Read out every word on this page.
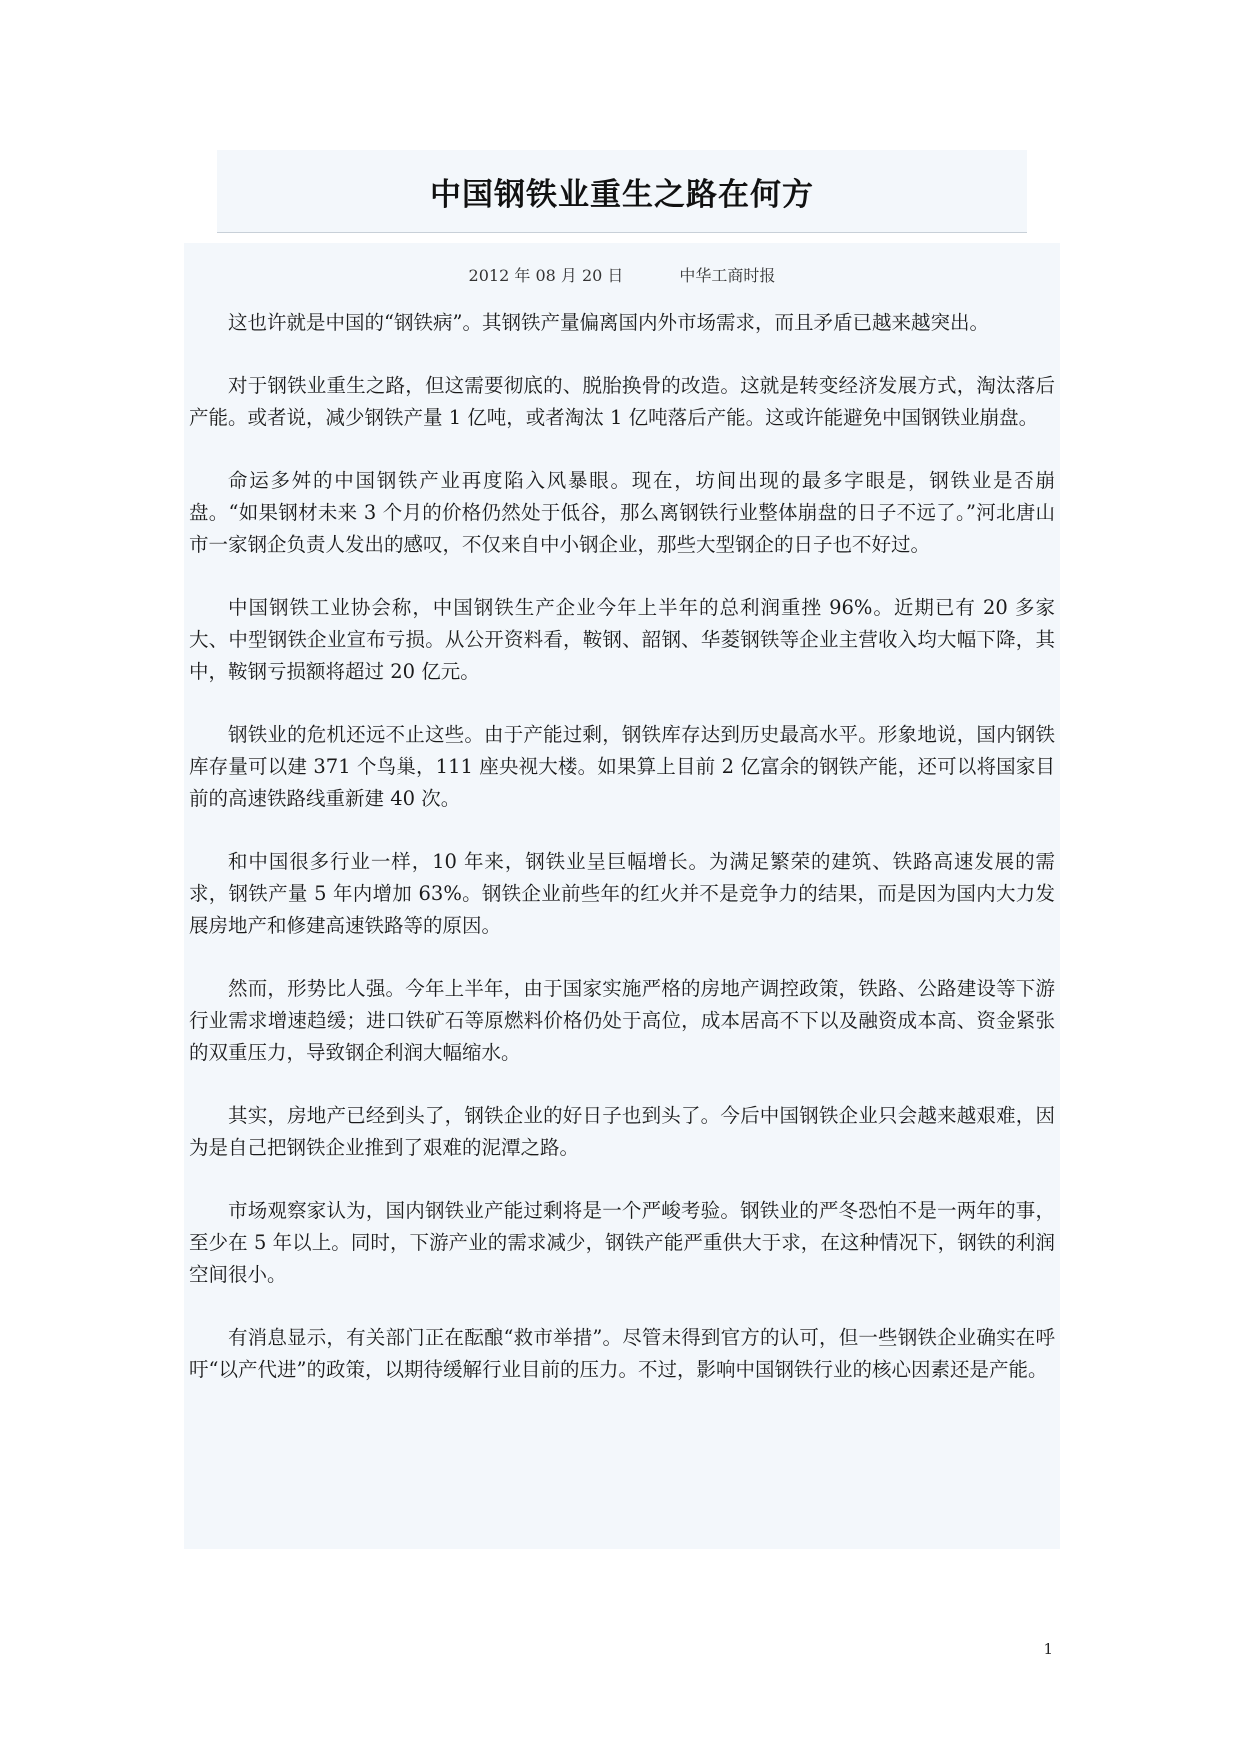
中国钢铁业重生之路在何方
2012 年 08 月 20 日	中华工商时报

这也许就是中国的“钢铁病”。其钢铁产量偏离国内外市场需求，而且矛盾已越来越突出。

对于钢铁业重生之路，但这需要彻底的、脱胎换骨的改造。这就是转变经济发展方式，淘汰落后产能。或者说，减少钢铁产量 1 亿吨，或者淘汰 1 亿吨落后产能。这或许能避免中国钢铁业崩盘。

命运多舛的中国钢铁产业再度陷入风暴眼。现在，坊间出现的最多字眼是，钢铁业是否崩盘。“如果钢材未来 3 个月的价格仍然处于低谷，那么离钢铁行业整体崩盘的日子不远了。”河北唐山市一家钢企负责人发出的感叹，不仅来自中小钢企业，那些大型钢企的日子也不好过。

中国钢铁工业协会称，中国钢铁生产企业今年上半年的总利润重挫 96%。近期已有 20 多家大、中型钢铁企业宣布亏损。从公开资料看，鞍钢、韶钢、华菱钢铁等企业主营收入均大幅下降，其中，鞍钢亏损额将超过 20 亿元。

钢铁业的危机还远不止这些。由于产能过剩，钢铁库存达到历史最高水平。形象地说，国内钢铁库存量可以建 371 个鸟巢，111 座央视大楼。如果算上目前 2 亿富余的钢铁产能，还可以将国家目前的高速铁路线重新建 40 次。

和中国很多行业一样，10 年来，钢铁业呈巨幅增长。为满足繁荣的建筑、铁路高速发展的需求，钢铁产量 5 年内增加 63%。钢铁企业前些年的红火并不是竞争力的结果，而是因为国内大力发展房地产和修建高速铁路等的原因。

然而，形势比人强。今年上半年，由于国家实施严格的房地产调控政策，铁路、公路建设等下游行业需求增速趋缓；进口铁矿石等原燃料价格仍处于高位，成本居高不下以及融资成本高、资金紧张的双重压力，导致钢企利润大幅缩水。

其实，房地产已经到头了，钢铁企业的好日子也到头了。今后中国钢铁企业只会越来越艰难，因为是自己把钢铁企业推到了艰难的泥潭之路。

市场观察家认为，国内钢铁业产能过剩将是一个严峻考验。钢铁业的严冬恐怕不是一两年的事，至少在 5 年以上。同时，下游产业的需求减少，钢铁产能严重供大于求，在这种情况下，钢铁的利润空间很小。

有消息显示，有关部门正在酝酿“救市举措”。尽管未得到官方的认可，但一些钢铁企业确实在呼吁“以产代进”的政策，以期待缓解行业目前的压力。不过，影响中国钢铁行业的核心因素还是产能。

1
